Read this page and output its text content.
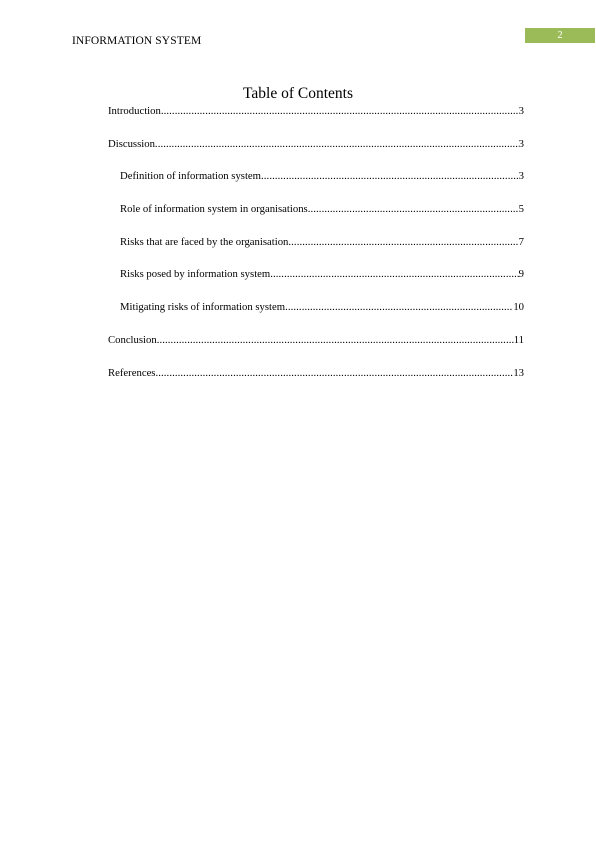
INFORMATION SYSTEM	2
Table of Contents
Introduction .....	3
Discussion .....	3
Definition of information system .....	3
Role of information system in organisations .....	5
Risks that are faced by the organisation .....	7
Risks posed by information system .....	9
Mitigating risks of information system .....	10
Conclusion .....	11
References .....	13
